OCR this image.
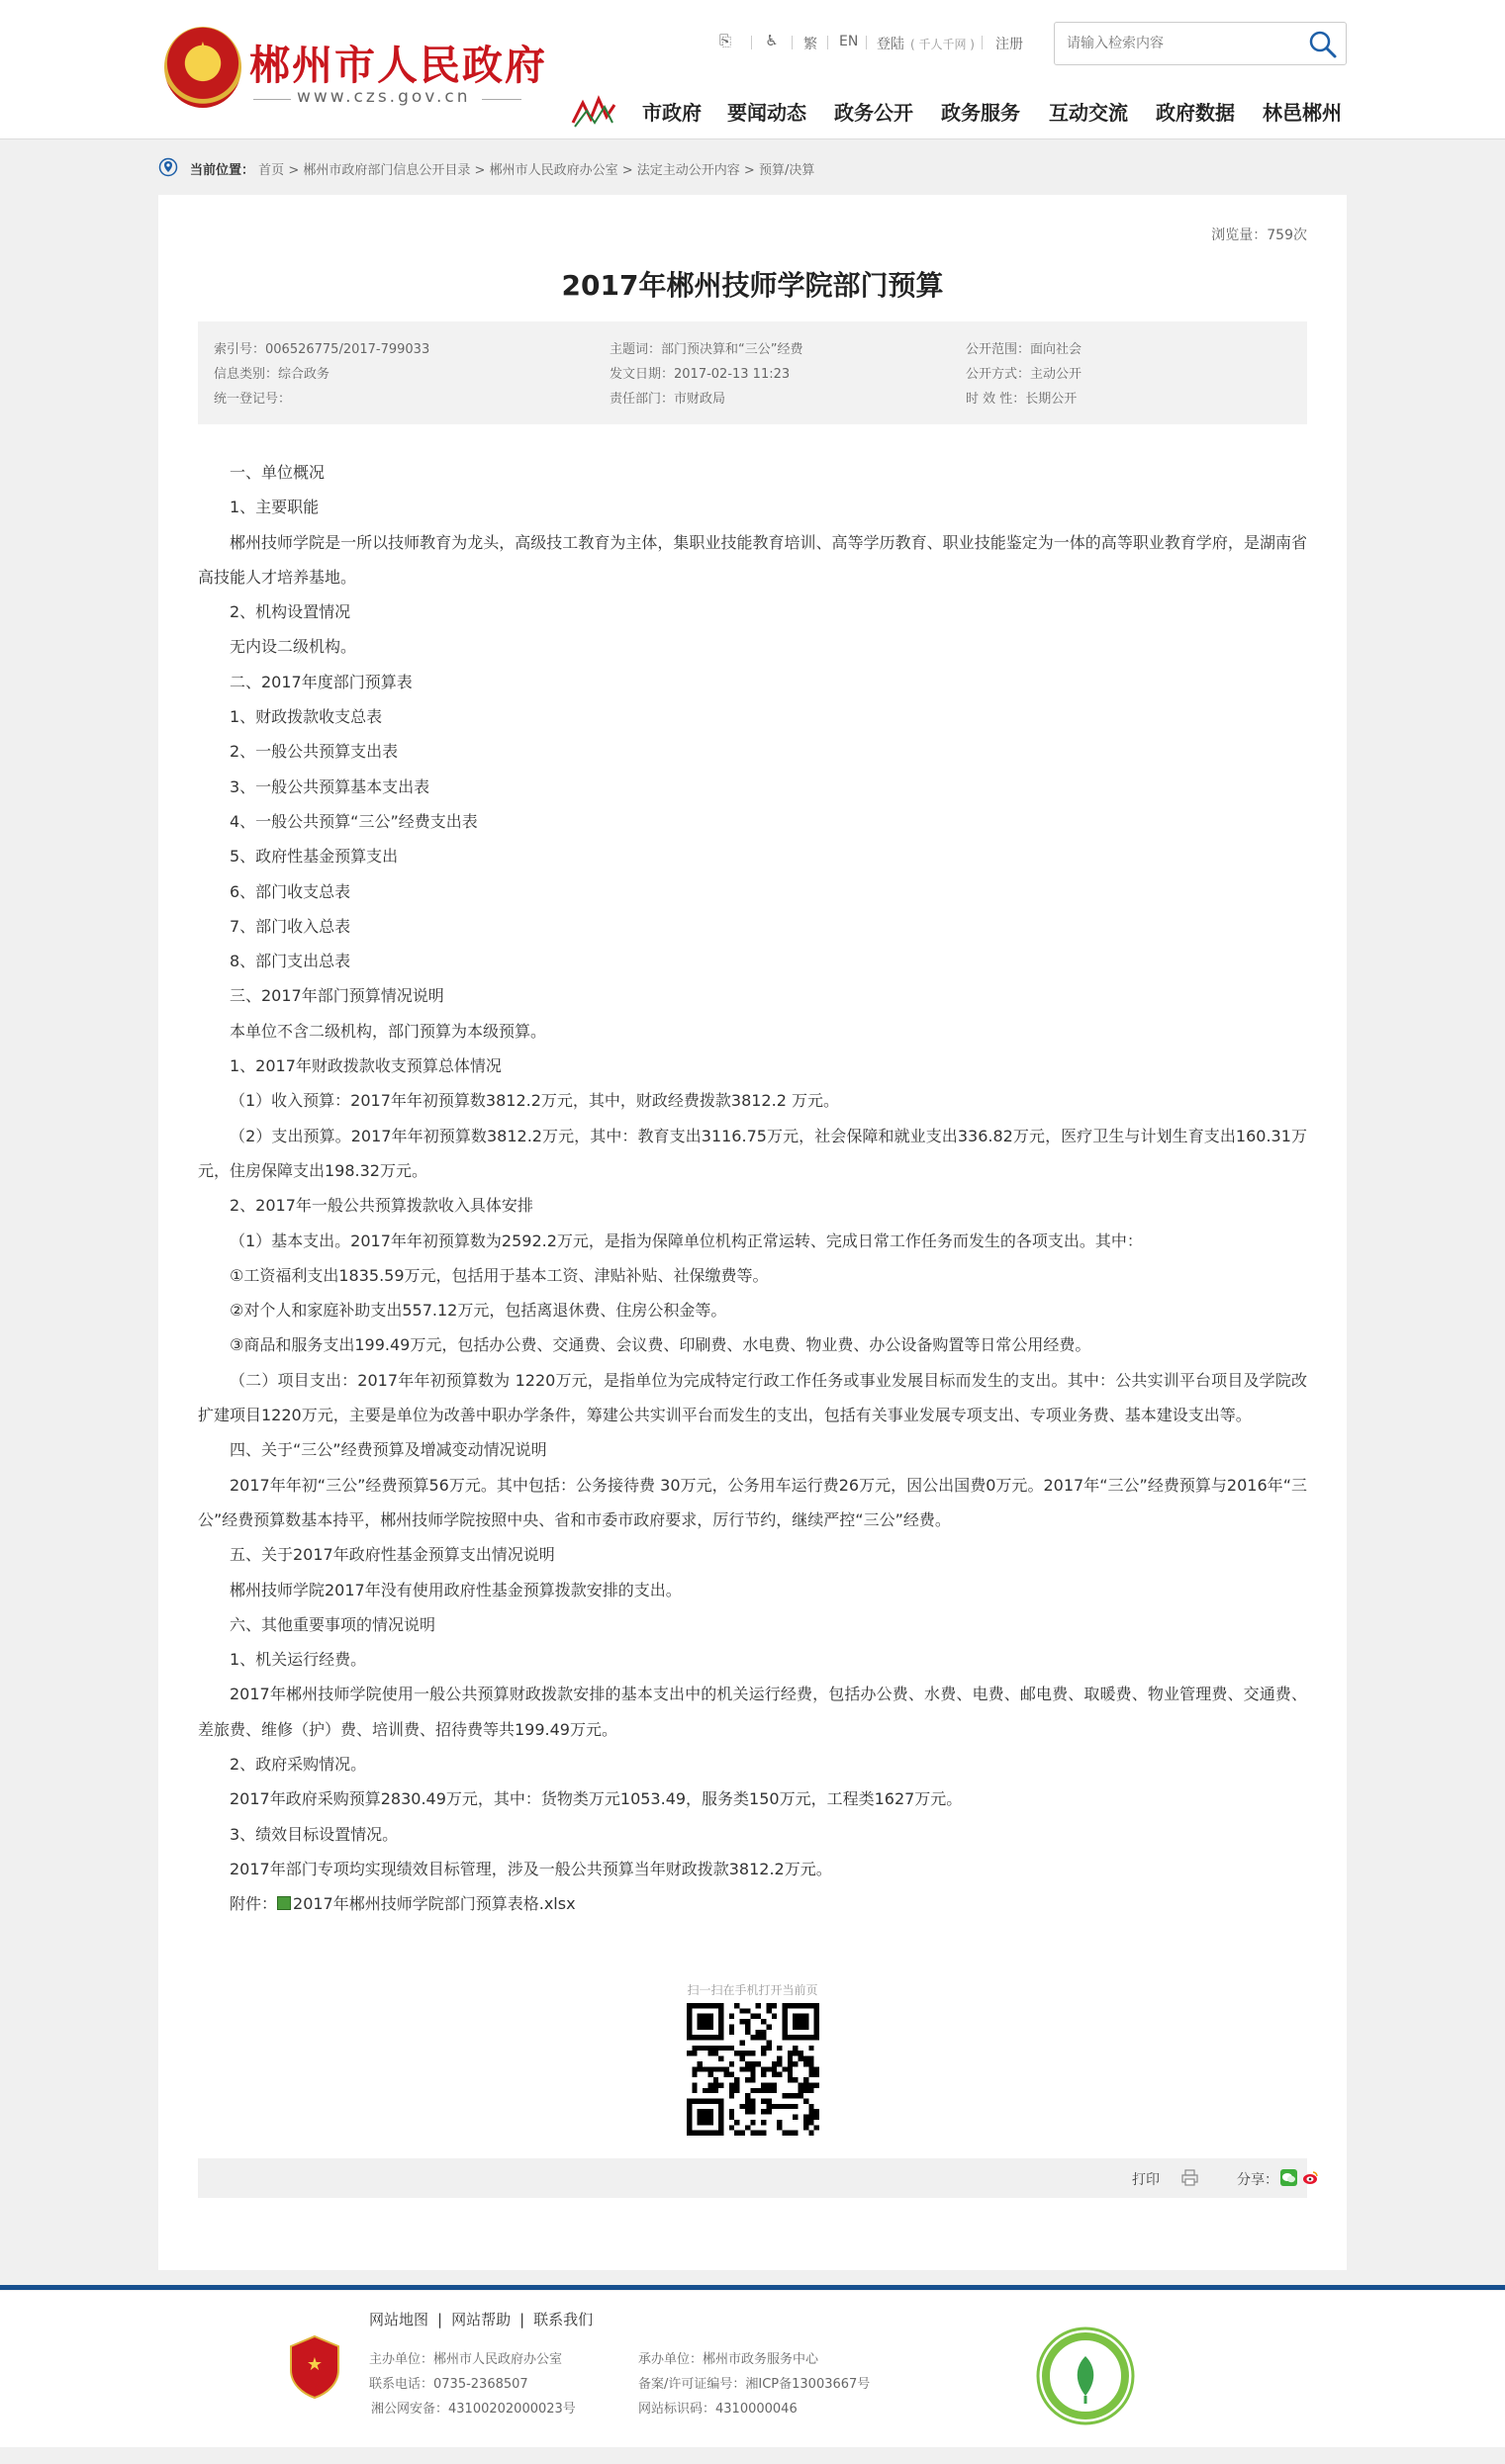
★ 郴州市人民政府
www.czs.gov.cn
⎘ ♿ 繁 EN 登陆 ( 千人千网 ) 注册
请输入检索内容
市政府 要闻动态 政务公开 政务服务 互动交流 政府数据 林邑郴州
当前位置： 首页 > 郴州市政府部门信息公开目录 > 郴州市人民政府办公室 > 法定主动公开内容 > 预算/决算
浏览量：759次
2017年郴州技师学院部门预算
索引号：006526775/2017-799033
信息类别：综合政务
统一登记号：
主题词：部门预决算和“三公”经费
发文日期：2017-02-13 11:23
责任部门：市财政局
公开范围：面向社会
公开方式：主动公开
时 效 性：长期公开

一、单位概况

1、主要职能

郴州技师学院是一所以技师教育为龙头，高级技工教育为主体，集职业技能教育培训、高等学历教育、职业技能鉴定为一体的高等职业教育学府，是湖南省高技能人才培养基地。

2、机构设置情况

无内设二级机构。

二、2017年度部门预算表

1、财政拨款收支总表

2、一般公共预算支出表

3、一般公共预算基本支出表

4、一般公共预算“三公”经费支出表

5、政府性基金预算支出

6、部门收支总表

7、部门收入总表

8、部门支出总表

三、2017年部门预算情况说明

本单位不含二级机构，部门预算为本级预算。

1、2017年财政拨款收支预算总体情况

（1）收入预算：2017年年初预算数3812.2万元，其中，财政经费拨款3812.2 万元。

（2）支出预算。2017年年初预算数3812.2万元，其中：教育支出3116.75万元，社会保障和就业支出336.82万元，医疗卫生与计划生育支出160.31万元，住房保障支出198.32万元。

2、2017年一般公共预算拨款收入具体安排

（1）基本支出。2017年年初预算数为2592.2万元，是指为保障单位机构正常运转、完成日常工作任务而发生的各项支出。其中：

①工资福利支出1835.59万元，包括用于基本工资、津贴补贴、社保缴费等。

②对个人和家庭补助支出557.12万元，包括离退休费、住房公积金等。

③商品和服务支出199.49万元，包括办公费、交通费、会议费、印刷费、水电费、物业费、办公设备购置等日常公用经费。

（二）项目支出：2017年年初预算数为 1220万元，是指单位为完成特定行政工作任务或事业发展目标而发生的支出。其中：公共实训平台项目及学院改扩建项目1220万元，主要是单位为改善中职办学条件，筹建公共实训平台而发生的支出，包括有关事业发展专项支出、专项业务费、基本建设支出等。

四、关于“三公”经费预算及增减变动情况说明

2017年年初“三公”经费预算56万元。其中包括：公务接待费 30万元，公务用车运行费26万元，因公出国费0万元。2017年“三公”经费预算与2016年“三公”经费预算数基本持平，郴州技师学院按照中央、省和市委市政府要求，厉行节约，继续严控“三公”经费。

五、关于2017年政府性基金预算支出情况说明

郴州技师学院2017年没有使用政府性基金预算拨款安排的支出。

六、其他重要事项的情况说明

1、机关运行经费。

2017年郴州技师学院使用一般公共预算财政拨款安排的基本支出中的机关运行经费，包括办公费、水费、电费、邮电费、取暖费、物业管理费、交通费、差旅费、维修（护）费、培训费、招待费等共199.49万元。

2、政府采购情况。

2017年政府采购预算2830.49万元，其中：货物类万元1053.49，服务类150万元，工程类1627万元。

3、绩效目标设置情况。

2017年部门专项均实现绩效目标管理，涉及一般公共预算当年财政拨款3812.2万元。

附件： 2017年郴州技师学院部门预算表格.xlsx

扫一扫在手机打开当前页
打印	分享：
网站地图 | 网站帮助 | 联系我们
★	主办单位：郴州市人民政府办公室
联系电话：0735-2368507
湘公网安备：43100202000023号
承办单位：郴州市政务服务中心
备案/许可证编号：湘ICP备13003667号
网站标识码：4310000046
